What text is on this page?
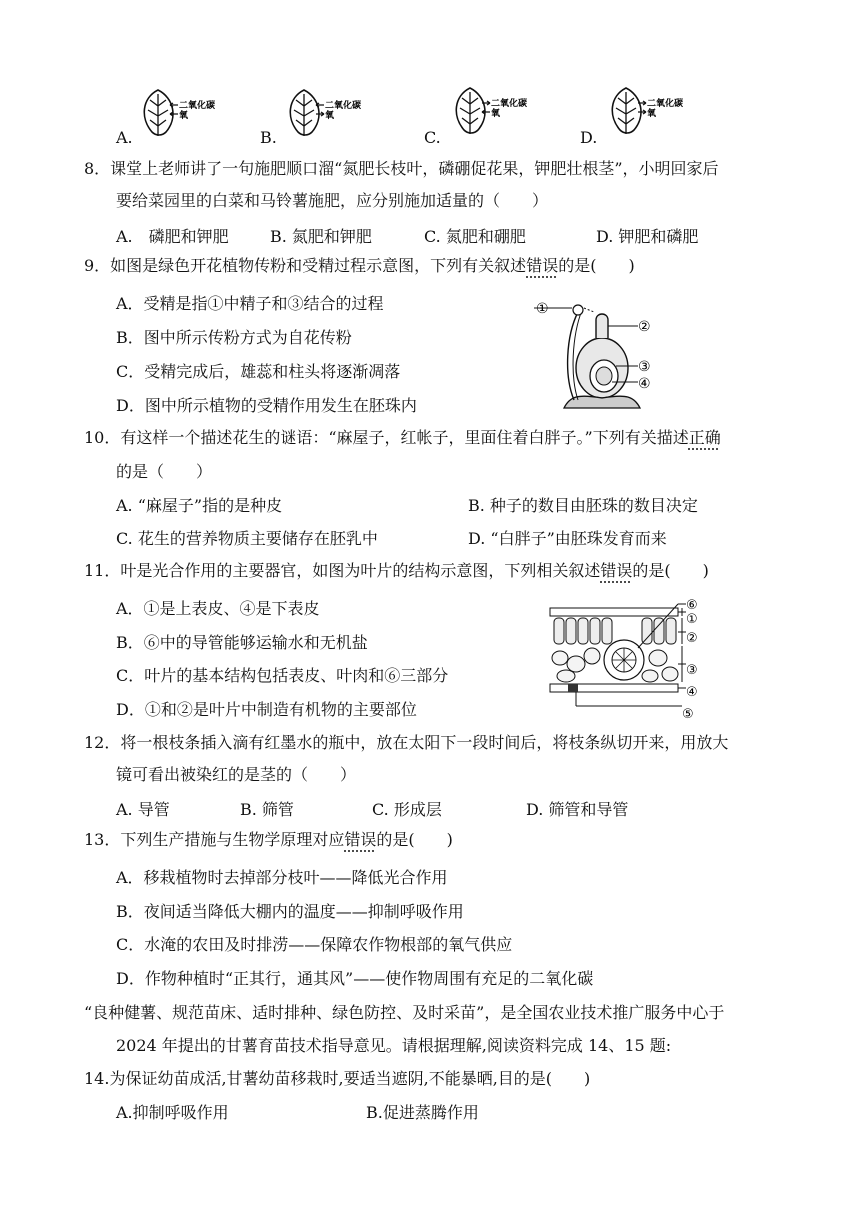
二氧化碳
氧
二氧化碳
氧
二氧化碳
氧
二氧化碳
氧
A.	B.	C.	D.
8．课堂上老师讲了一句施肥顺口溜“氮肥长枝叶，磷硼促花果，钾肥壮根茎”，小明回家后
要给菜园里的白菜和马铃薯施肥，应分别施加适量的（　　）
A.　磷肥和钾肥	B. 氮肥和钾肥	C. 氮肥和硼肥	D. 钾肥和磷肥
9．如图是绿色开花植物传粉和受精过程示意图，下列有关叙述错误的是(　　)
A．受精是指①中精子和③结合的过程
B．图中所示传粉方式为自花传粉
C．受精完成后，雄蕊和柱头将逐渐凋落
D．图中所示植物的受精作用发生在胚珠内
①
②
③
④
10．有这样一个描述花生的谜语：“麻屋子，红帐子，里面住着白胖子。”下列有关描述正确
的是（　　）
A. “麻屋子”指的是种皮	B. 种子的数目由胚珠的数目决定
C. 花生的营养物质主要储存在胚乳中	D. “白胖子”由胚珠发育而来
11．叶是光合作用的主要器官，如图为叶片的结构示意图，下列相关叙述错误的是(　　)
A．①是上表皮、④是下表皮
B．⑥中的导管能够运输水和无机盐
C．叶片的基本结构包括表皮、叶肉和⑥三部分
D．①和②是叶片中制造有机物的主要部位
⑥
①
②
③
④
⑤
12．将一根枝条插入滴有红墨水的瓶中，放在太阳下一段时间后，将枝条纵切开来，用放大
镜可看出被染红的是茎的（　　）
A. 导管	B. 筛管	C. 形成层	D. 筛管和导管
13．下列生产措施与生物学原理对应错误的是(　　)
A．移栽植物时去掉部分枝叶——降低光合作用
B．夜间适当降低大棚内的温度——抑制呼吸作用
C．水淹的农田及时排涝——保障农作物根部的氧气供应
D．作物种植时“正其行，通其风”——使作物周围有充足的二氧化碳
“良种健薯、规范苗床、适时排种、绿色防控、及时采苗”，是全国农业技术推广服务中心于
2024 年提出的甘薯育苗技术指导意见。请根据理解,阅读资料完成 14、15 题:
14.为保证幼苗成活,甘薯幼苗移栽时,要适当遮阴,不能暴晒,目的是(　　)
A.抑制呼吸作用	B.促进蒸腾作用
